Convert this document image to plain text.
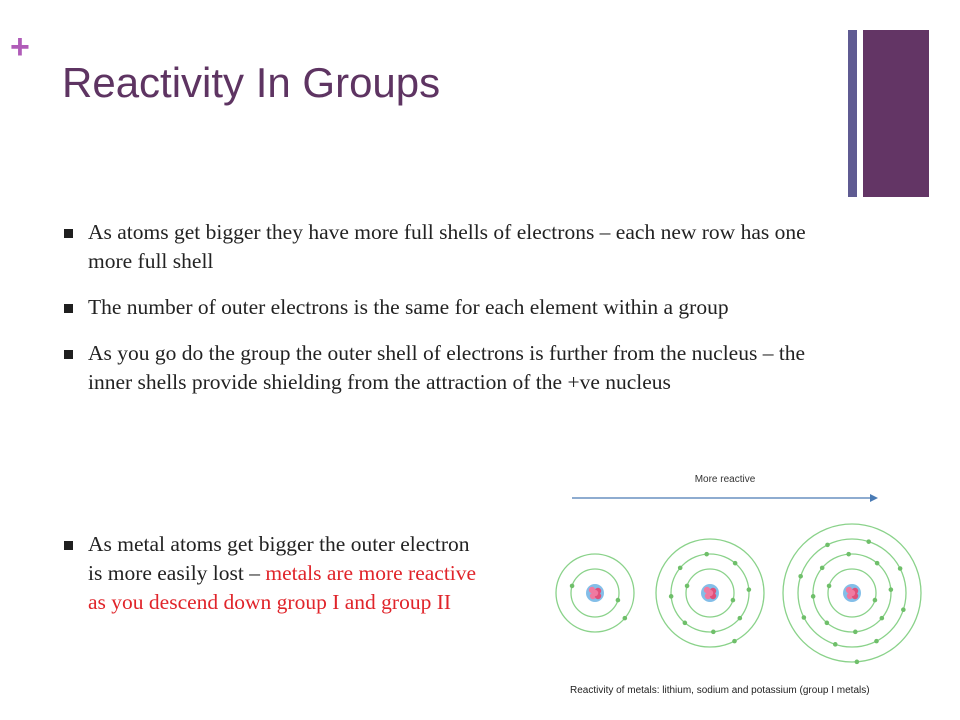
+
Reactivity In Groups
As atoms get bigger they have more full shells of electrons – each new row has one more full shell
The number of outer electrons is the same for each element within a group
As you go do the group the outer shell of electrons is further from the nucleus – the inner shells provide shielding from the attraction of the +ve nucleus
As metal atoms get bigger the outer electron is more easily lost – metals are more reactive as you descend down group I and group II
More reactive
Reactivity of metals: lithium, sodium and potassium (group I metals)
